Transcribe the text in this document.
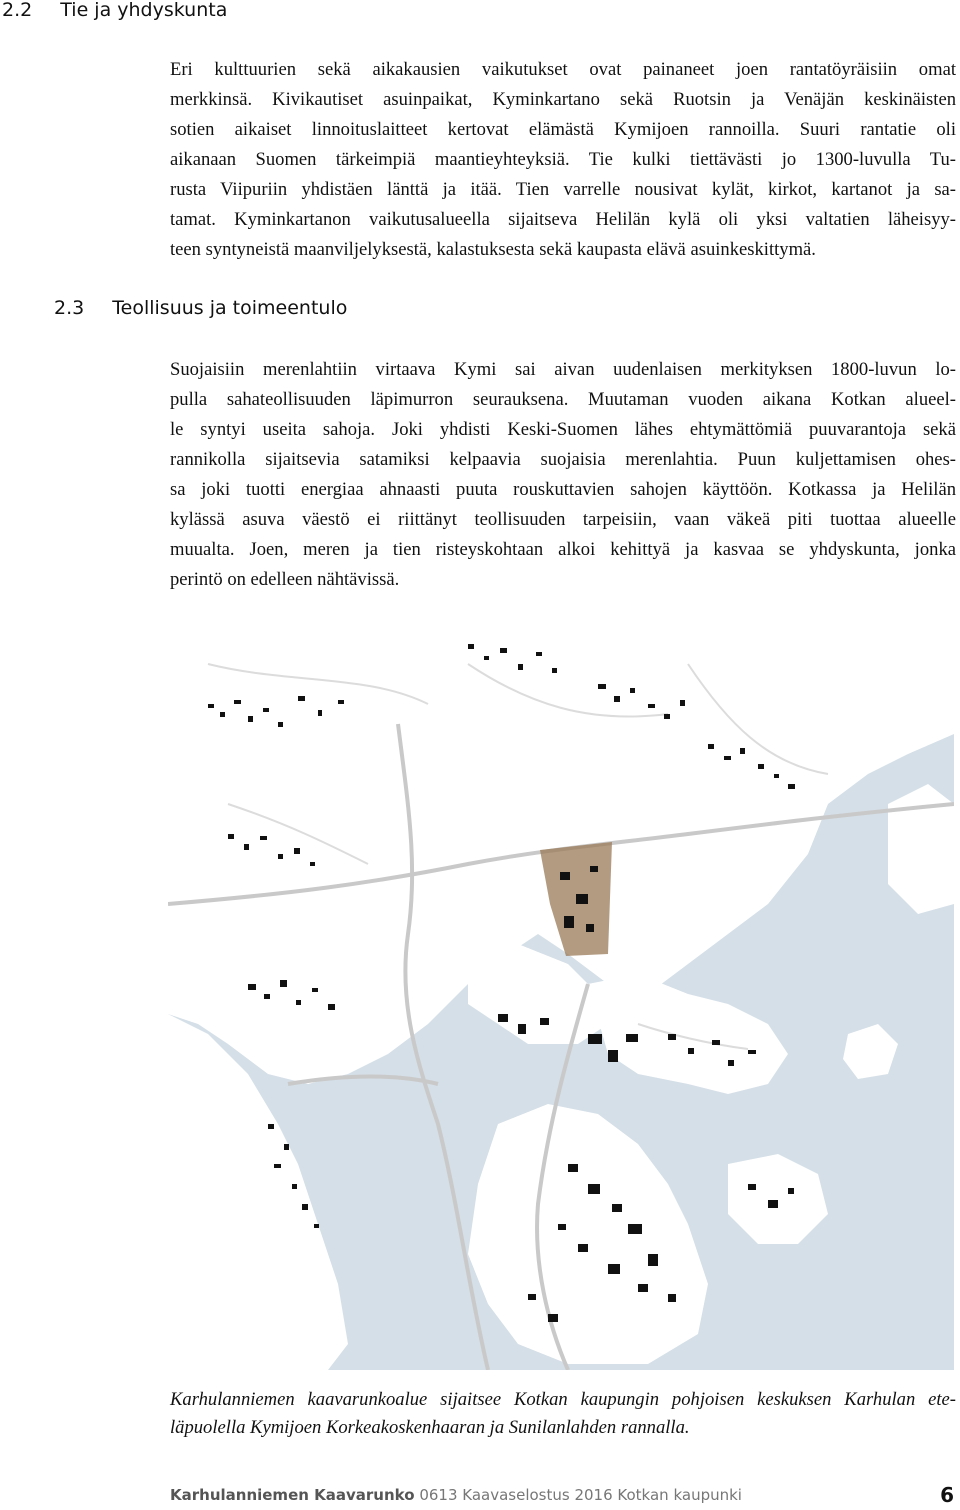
2.2 Tie ja yhdyskunta
Eri kulttuurien sekä aikakausien vaikutukset ovat painaneet joen rantatöyräisiin omat
merkkinsä. Kivikautiset asuinpaikat, Kyminkartano sekä Ruotsin ja Venäjän keskinäisten
sotien aikaiset linnoituslaitteet kertovat elämästä Kymijoen rannoilla. Suuri rantatie oli
aikanaan Suomen tärkeimpiä maantieyhteyksiä. Tie kulki tiettävästi jo 1300-luvulla Tu-
rusta Viipuriin yhdistäen länttä ja itää. Tien varrelle nousivat kylät, kirkot, kartanot ja sa-
tamat. Kyminkartanon vaikutusalueella sijaitseva Helilän kylä oli yksi valtatien läheisyy-
teen syntyneistä maanviljelyksestä, kalastuksesta sekä kaupasta elävä asuinkeskittymä.
2.3 Teollisuus ja toimeentulo
Suojaisiin merenlahtiin virtaava Kymi sai aivan uudenlaisen merkityksen 1800-luvun lo-
pulla sahateollisuuden läpimurron seurauksena. Muutaman vuoden aikana Kotkan alueel-
le syntyi useita sahoja. Joki yhdisti Keski-Suomen lähes ehtymättömiä puuvarantoja sekä
rannikolla sijaitsevia satamiksi kelpaavia suojaisia merenlahtia. Puun kuljettamisen ohes-
sa joki tuotti energiaa ahnaasti puuta rouskuttavien sahojen käyttöön. Kotkassa ja Helilän
kylässä asuva väestö ei riittänyt teollisuuden tarpeisiin, vaan väkeä piti tuottaa alueelle
muualta. Joen, meren ja tien risteyskohtaan alkoi kehittyä ja kasvaa se yhdyskunta, jonka
perintö on edelleen nähtävissä.
Karhulanniemen kaavarunkoalue sijaitsee Kotkan kaupungin pohjoisen keskuksen Karhulan ete-
läpuolella Kymijoen Korkeakoskenhaaran ja Sunilanlahden rannalla.
Karhulanniemen Kaavarunko 0613 Kaavaselostus 2016 Kotkan kaupunki	6
